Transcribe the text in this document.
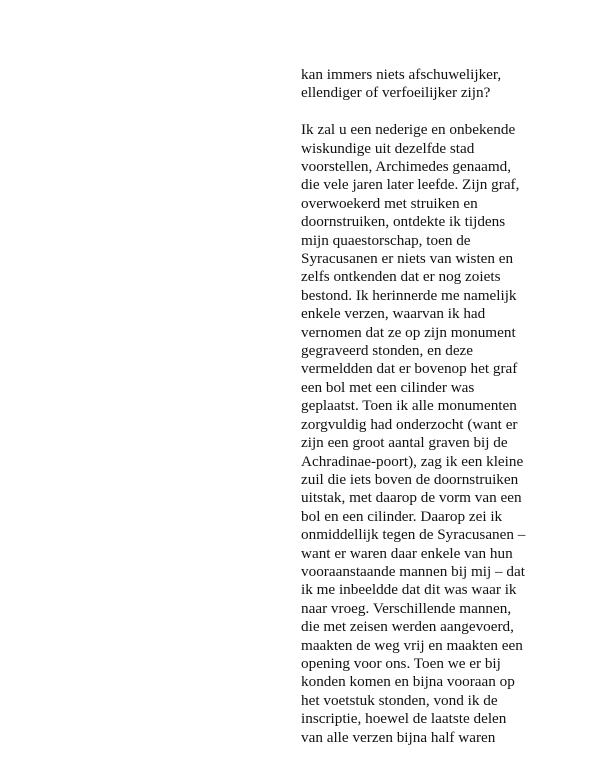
kan immers niets afschuwelijker,
ellendiger of verfoeilijker zijn?

Ik zal u een nederige en onbekende
wiskundige uit dezelfde stad
voorstellen, Archimedes genaamd,
die vele jaren later leefde. Zijn graf,
overwoekerd met struiken en
doornstruiken, ontdekte ik tijdens
mijn quaestorschap, toen de
Syracusanen er niets van wisten en
zelfs ontkenden dat er nog zoiets
bestond. Ik herinnerde me namelijk
enkele verzen, waarvan ik had
vernomen dat ze op zijn monument
gegraveerd stonden, en deze
vermeldden dat er bovenop het graf
een bol met een cilinder was
geplaatst. Toen ik alle monumenten
zorgvuldig had onderzocht (want er
zijn een groot aantal graven bij de
Achradinae-poort), zag ik een kleine
zuil die iets boven de doornstruiken
uitstak, met daarop de vorm van een
bol en een cilinder. Daarop zei ik
onmiddellijk tegen de Syracusanen –
want er waren daar enkele van hun
vooraanstaande mannen bij mij – dat
ik me inbeeldde dat dit was waar ik
naar vroeg. Verschillende mannen,
die met zeisen werden aangevoerd,
maakten de weg vrij en maakten een
opening voor ons. Toen we er bij
konden komen en bijna vooraan op
het voetstuk stonden, vond ik de
inscriptie, hoewel de laatste delen
van alle verzen bijna half waren
